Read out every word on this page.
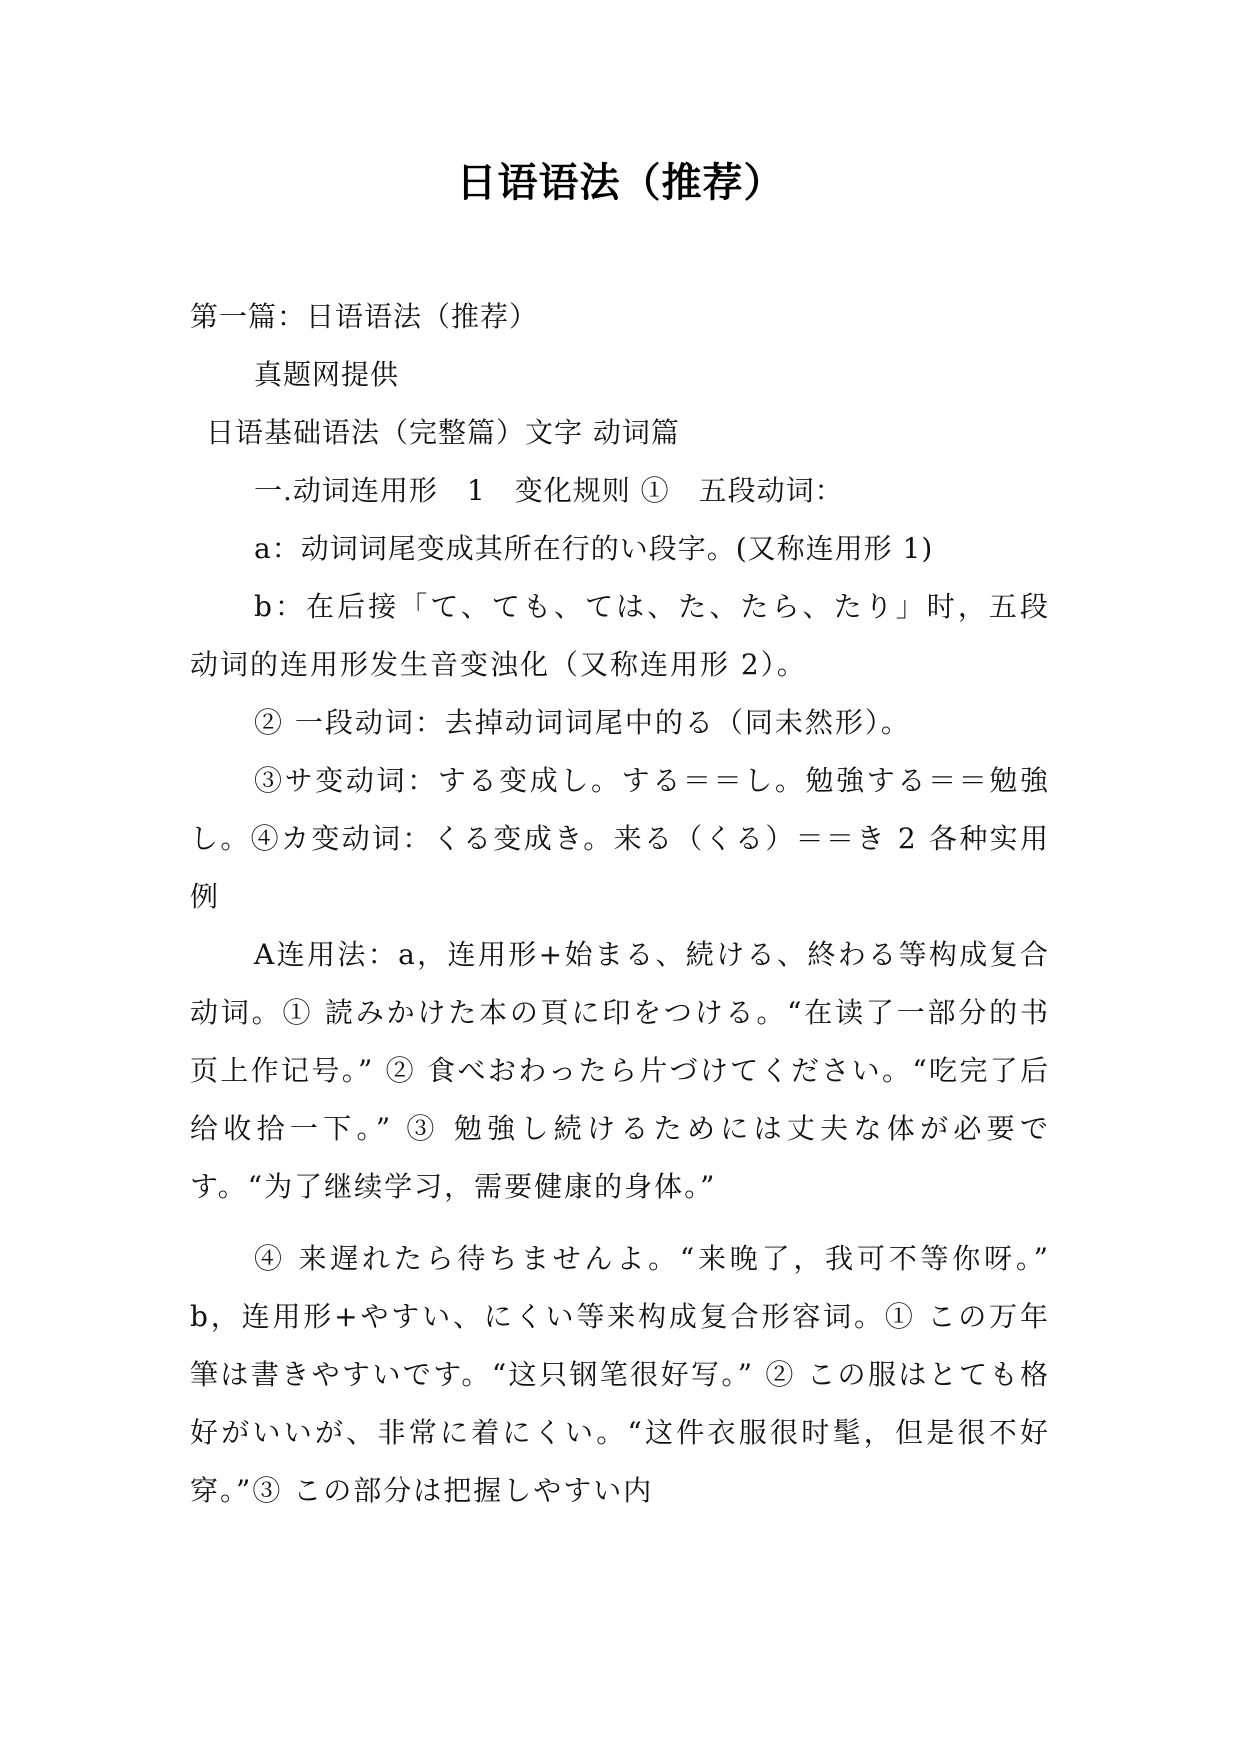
日语语法（推荐）

第一篇：日语语法（推荐）

真题网提供

日语基础语法（完整篇）文字 动词篇

一.动词连用形　1　变化规则 ①　五段动词：

a：动词词尾变成其所在行的い段字。(又称连用形 1)

b：在后接「て、ても、ては、た、たら、たり」时，五段动词的连用形发生音变浊化（又称连用形 2）。

② 一段动词：去掉动词词尾中的る（同未然形）。

③サ变动词：する变成し。する＝＝し。勉強する＝＝勉強し。④カ变动词：くる变成き。来る（くる）＝＝き 2 各种实用例

A连用法：a，连用形+始まる、続ける、終わる等构成复合动词。① 読みかけた本の頁に印をつける。“在读了一部分的书页上作记号。” ② 食べおわったら片づけてください。“吃完了后给收拾一下。” ③ 勉強し続けるためには丈夫な体が必要です。“为了继续学习，需要健康的身体。”

④ 来遅れたら待ちませんよ。“来晚了，我可不等你呀。” b，连用形+やすい、にくい等来构成复合形容词。① この万年筆は書きやすいです。“这只钢笔很好写。” ② この服はとても格好がいいが、非常に着にくい。“这件衣服很时髦，但是很不好穿。”③ この部分は把握しやすい内
